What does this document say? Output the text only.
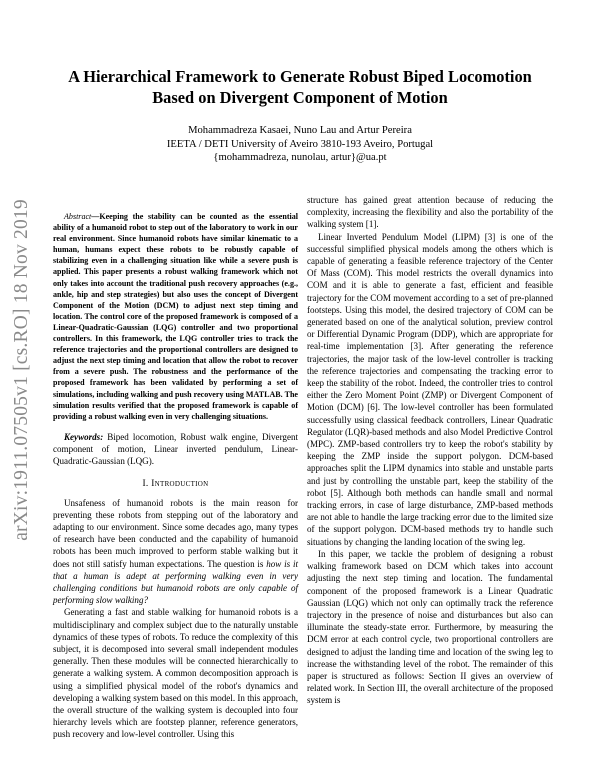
arXiv:1911.07505v1 [cs.RO] 18 Nov 2019
A Hierarchical Framework to Generate Robust Biped Locomotion Based on Divergent Component of Motion
Mohammadreza Kasaei, Nuno Lau and Artur Pereira
IEETA / DETI University of Aveiro 3810-193 Aveiro, Portugal
{mohammadreza, nunolau, artur}@ua.pt

Abstract—Keeping the stability can be counted as the essential ability of a humanoid robot to step out of the laboratory to work in our real environment. Since humanoid robots have similar kinematic to a human, humans expect these robots to be robustly capable of stabilizing even in a challenging situation like while a severe push is applied. This paper presents a robust walking framework which not only takes into account the traditional push recovery approaches (e.g., ankle, hip and step strategies) but also uses the concept of Divergent Component of the Motion (DCM) to adjust next step timing and location. The control core of the proposed framework is composed of a Linear-Quadratic-Gaussian (LQG) controller and two proportional controllers. In this framework, the LQG controller tries to track the reference trajectories and the proportional controllers are designed to adjust the next step timing and location that allow the robot to recover from a severe push. The robustness and the performance of the proposed framework has been validated by performing a set of simulations, including walking and push recovery using MATLAB. The simulation results verified that the proposed framework is capable of providing a robust walking even in very challenging situations.

Keywords: Biped locomotion, Robust walk engine, Divergent component of motion, Linear inverted pendulum, Linear-Quadratic-Gaussian (LQG).

I. Introduction

Unsafeness of humanoid robots is the main reason for preventing these robots from stepping out of the laboratory and adapting to our environment. Since some decades ago, many types of research have been conducted and the capability of humanoid robots has been much improved to perform stable walking but it does not still satisfy human expectations. The question is how is it that a human is adept at performing walking even in very challenging conditions but humanoid robots are only capable of performing slow walking?

Generating a fast and stable walking for humanoid robots is a multidisciplinary and complex subject due to the naturally unstable dynamics of these types of robots. To reduce the complexity of this subject, it is decomposed into several small independent modules generally. Then these modules will be connected hierarchically to generate a walking system. A common decomposition approach is using a simplified physical model of the robot's dynamics and developing a walking system based on this model. In this approach, the overall structure of the walking system is decoupled into four hierarchy levels which are footstep planner, reference generators, push recovery and low-level controller. Using this

structure has gained great attention because of reducing the complexity, increasing the flexibility and also the portability of the walking system [1].

Linear Inverted Pendulum Model (LIPM) [3] is one of the successful simplified physical models among the others which is capable of generating a feasible reference trajectory of the Center Of Mass (COM). This model restricts the overall dynamics into COM and it is able to generate a fast, efficient and feasible trajectory for the COM movement according to a set of pre-planned footsteps. Using this model, the desired trajectory of COM can be generated based on one of the analytical solution, preview control or Differential Dynamic Program (DDP), which are appropriate for real-time implementation [3]. After generating the reference trajectories, the major task of the low-level controller is tracking the reference trajectories and compensating the tracking error to keep the stability of the robot. Indeed, the controller tries to control either the Zero Moment Point (ZMP) or Divergent Component of Motion (DCM) [6]. The low-level controller has been formulated successfully using classical feedback controllers, Linear Quadratic Regulator (LQR)-based methods and also Model Predictive Control (MPC). ZMP-based controllers try to keep the robot's stability by keeping the ZMP inside the support polygon. DCM-based approaches split the LIPM dynamics into stable and unstable parts and just by controlling the unstable part, keep the stability of the robot [5]. Although both methods can handle small and normal tracking errors, in case of large disturbance, ZMP-based methods are not able to handle the large tracking error due to the limited size of the support polygon. DCM-based methods try to handle such situations by changing the landing location of the swing leg.

In this paper, we tackle the problem of designing a robust walking framework based on DCM which takes into account adjusting the next step timing and location. The fundamental component of the proposed framework is a Linear Quadratic Gaussian (LQG) which not only can optimally track the reference trajectory in the presence of noise and disturbances but also can illuminate the steady-state error. Furthermore, by measuring the DCM error at each control cycle, two proportional controllers are designed to adjust the landing time and location of the swing leg to increase the withstanding level of the robot. The remainder of this paper is structured as follows: Section II gives an overview of related work. In Section III, the overall architecture of the proposed system is
